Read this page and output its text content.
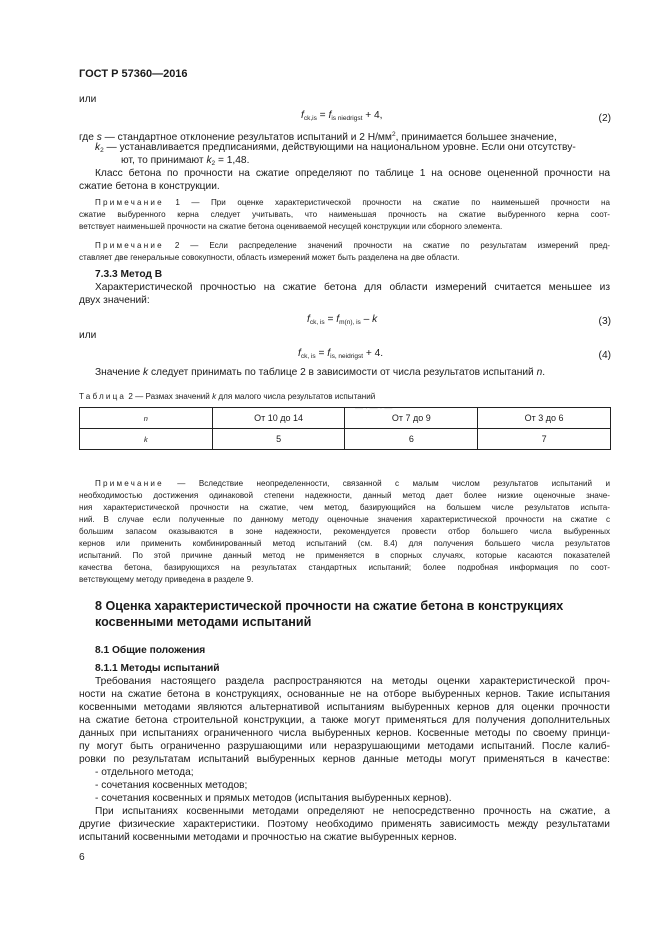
ГОСТ Р 57360—2016
или
$f_{ck,is} = f_{is niedrigst} + 4$,	(2)
где s — стандартное отклонение результатов испытаний и 2 $Н/мм^2$, принимается большее значение,
$k_2$ — устанавливается предписаниями, действующими на национальном уровне. Если они отсутству-
ют, то принимают $k_2 = 1,48$.
Класс бетона по прочности на сжатие определяют по таблице 1 на основе оцененной прочности на
сжатие бетона в конструкции.
Примечание 1 — При оценке характеристической прочности на сжатие по наименьшей прочности на
сжатие выбуренного керна следует учитывать, что наименьшая прочность на сжатие выбуренного керна соот-
ветствует наименьшей прочности на сжатие бетона оцениваемой несущей конструкции или сборного элемента.
Примечание 2 — Если распределение значений прочности на сжатие по результатам измерений пред-
ставляет две генеральные совокупности, область измерений может быть разделена на две области.
7.3.3 Метод В
Характеристической прочностью на сжатие бетона для области измерений считается меньшее из
двух значений:
$f_{ck, is} = f_{m(n), is} - k$	(3)
или
$f_{ck, is} = f_{is, neidrigst} + 4$.	(4)
Значение k следует принимать по таблице 2 в зависимости от числа результатов испытаний n.
Таблица 2 — Размах значений k для малого числа результатов испытаний
—·—·—
n	От 10 до 14	От 7 до 9	От 3 до 6
k	5	6	7
Примечание — Вследствие неопределенности, связанной с малым числом результатов испытаний и
необходимостью достижения одинаковой степени надежности, данный метод дает более низкие оценочные значе-
ния характеристической прочности на сжатие, чем метод, базирующийся на большем числе результатов испыта-
ний. В случае если полученные по данному методу оценочные значения характеристической прочности на сжатие с
большим запасом оказываются в зоне надежности, рекомендуется провести отбор большего числа выбуренных
кернов или применить комбинированный метод испытаний (см. 8.4) для получения большего числа результатов
испытаний. По этой причине данный метод не применяется в спорных случаях, которые касаются показателей
качества бетона, базирующихся на результатах стандартных испытаний; более подробная информация по соот-
ветствующему методу приведена в разделе 9.
8 Оценка характеристической прочности на сжатие бетона в конструкциях
косвенными методами испытаний
8.1 Общие положения
8.1.1 Методы испытаний
Требования настоящего раздела распространяются на методы оценки характеристической проч-
ности на сжатие бетона в конструкциях, основанные не на отборе выбуренных кернов. Такие испытания
косвенными методами являются альтернативой испытаниям выбуренных кернов для оценки прочности
на сжатие бетона строительной конструкции, а также могут применяться для получения дополнительных
данных при испытаниях ограниченного числа выбуренных кернов. Косвенные методы по своему принци-
пу могут быть ограниченно разрушающими или неразрушающими методами испытаний. После калиб-
ровки по результатам испытаний выбуренных кернов данные методы могут применяться в качестве:
- отдельного метода;
- сочетания косвенных методов;
- сочетания косвенных и прямых методов (испытания выбуренных кернов).
При испытаниях косвенными методами определяют не непосредственно прочность на сжатие, а
другие физические характеристики. Поэтому необходимо применять зависимость между результатами
испытаний косвенными методами и прочностью на сжатие выбуренных кернов.
6
